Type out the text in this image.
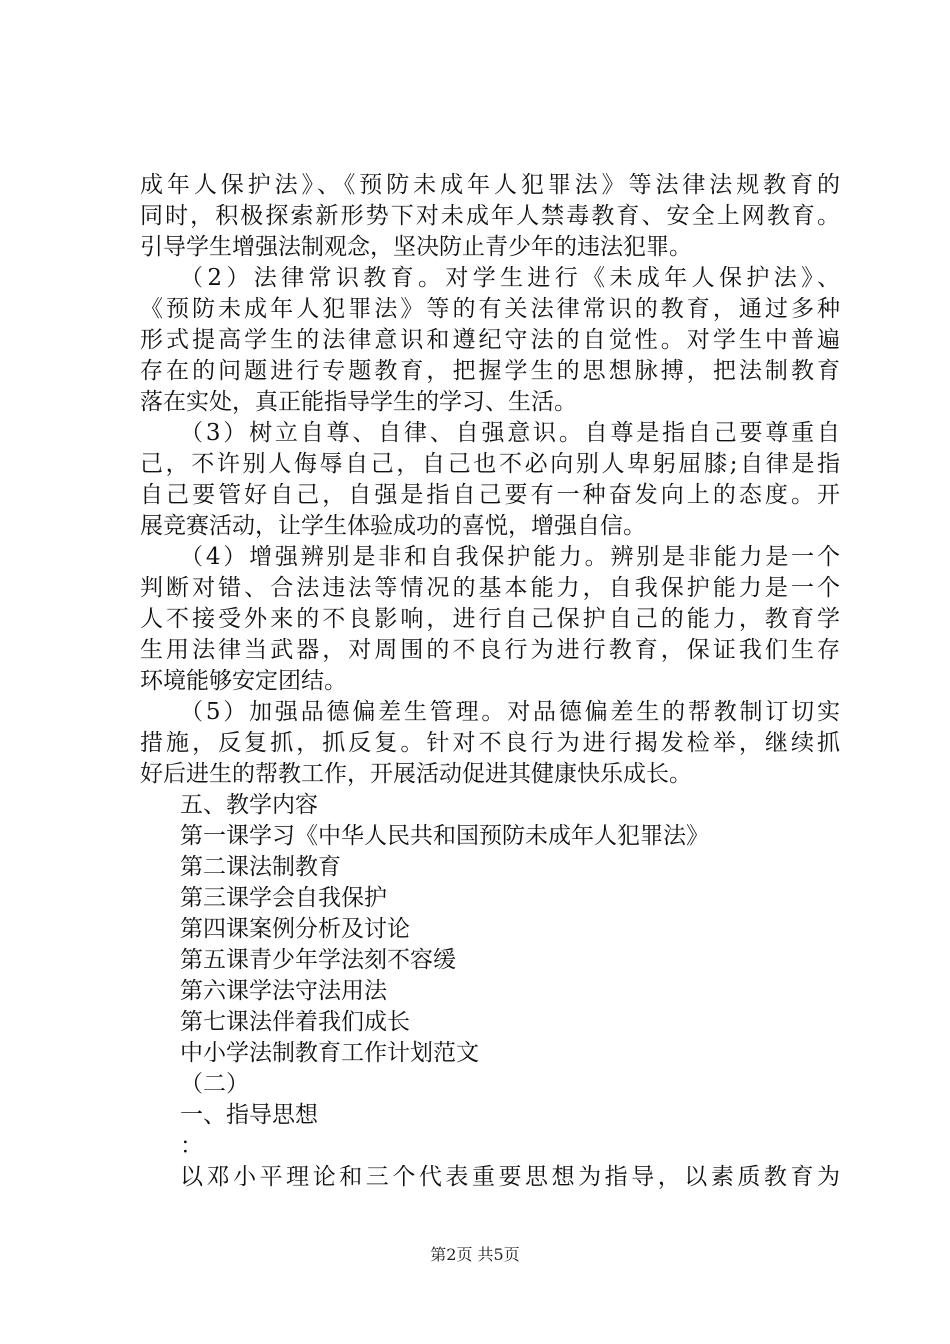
成年人保护法》、《预防未成年人犯罪法》等法律法规教育的
同时，积极探索新形势下对未成年人禁毒教育、安全上网教育。
引导学生增强法制观念，坚决防止青少年的违法犯罪。
（2）法律常识教育。对学生进行《未成年人保护法》、
《预防未成年人犯罪法》等的有关法律常识的教育，通过多种
形式提高学生的法律意识和遵纪守法的自觉性。对学生中普遍
存在的问题进行专题教育，把握学生的思想脉搏，把法制教育
落在实处，真正能指导学生的学习、生活。
（3）树立自尊、自律、自强意识。自尊是指自己要尊重自
己，不许别人侮辱自己，自己也不必向别人卑躬屈膝;自律是指
自己要管好自己，自强是指自己要有一种奋发向上的态度。开
展竞赛活动，让学生体验成功的喜悦，增强自信。
（4）增强辨别是非和自我保护能力。辨别是非能力是一个
判断对错、合法违法等情况的基本能力，自我保护能力是一个
人不接受外来的不良影响，进行自己保护自己的能力，教育学
生用法律当武器，对周围的不良行为进行教育，保证我们生存
环境能够安定团结。
（5）加强品德偏差生管理。对品德偏差生的帮教制订切实
措施，反复抓，抓反复。针对不良行为进行揭发检举，继续抓
好后进生的帮教工作，开展活动促进其健康快乐成长。
五、教学内容
第一课学习《中华人民共和国预防未成年人犯罪法》
第二课法制教育
第三课学会自我保护
第四课案例分析及讨论
第五课青少年学法刻不容缓
第六课学法守法用法
第七课法伴着我们成长
中小学法制教育工作计划范文
（二）
一、指导思想
：
以邓小平理论和三个代表重要思想为指导，以素质教育为
第2页 共5页
